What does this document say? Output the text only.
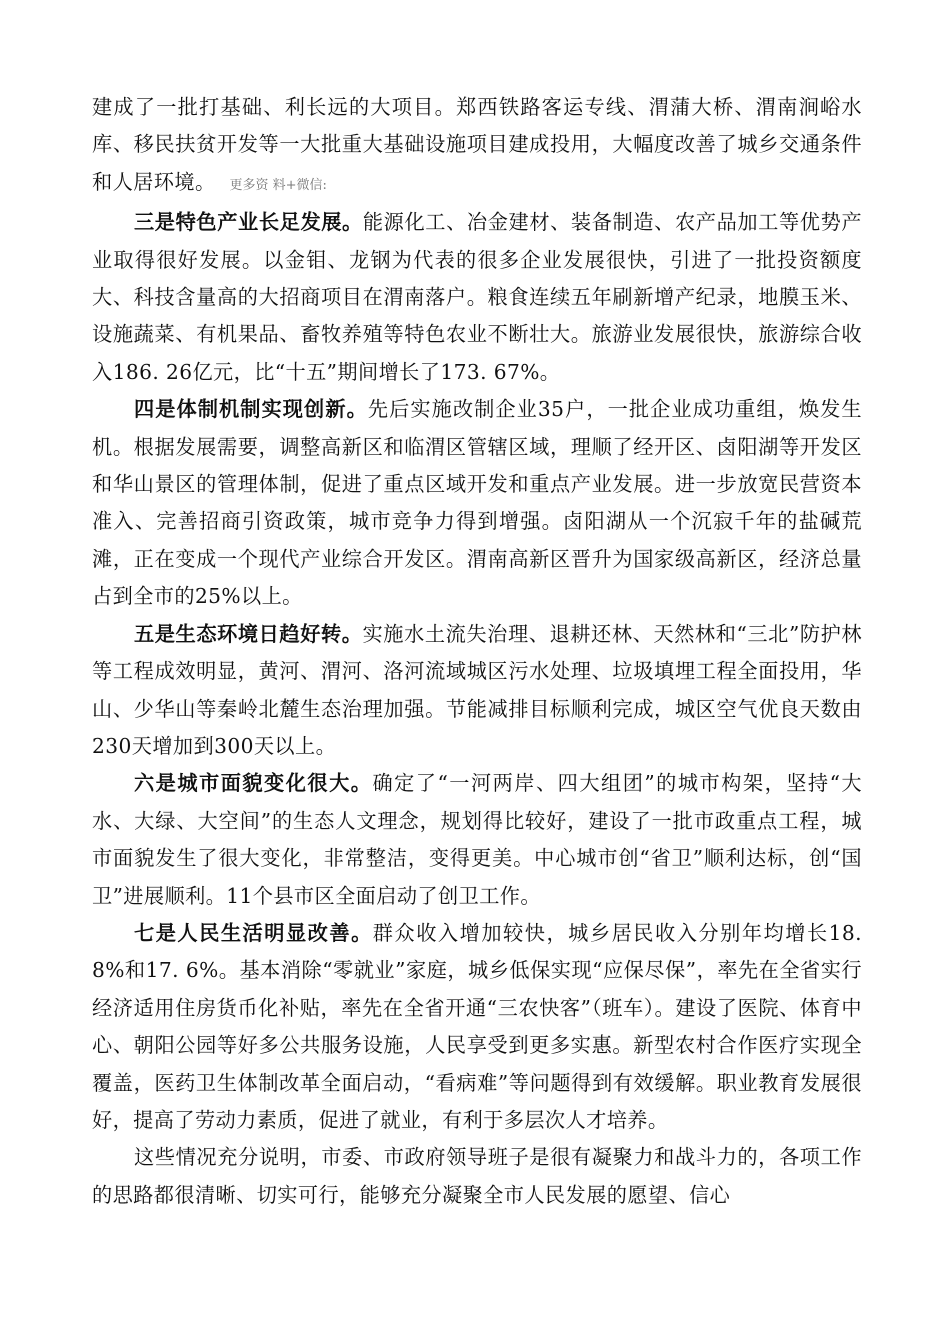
建成了一批打基础、利长远的大项目。郑西铁路客运专线、渭蒲大桥、渭南涧峪水库、移民扶贫开发等一大批重大基础设施项目建成投用，大幅度改善了城乡交通条件和人居环境。 更多资 料+微信:

三是特色产业长足发展。能源化工、冶金建材、装备制造、农产品加工等优势产业取得很好发展。以金钼、龙钢为代表的很多企业发展很快，引进了一批投资额度大、科技含量高的大招商项目在渭南落户。粮食连续五年刷新增产纪录，地膜玉米、设施蔬菜、有机果品、畜牧养殖等特色农业不断壮大。旅游业发展很快，旅游综合收入186. 26亿元，比“十五”期间增长了173. 67%。

四是体制机制实现创新。先后实施改制企业35户，一批企业成功重组，焕发生机。根据发展需要，调整高新区和临渭区管辖区域，理顺了经开区、卤阳湖等开发区和华山景区的管理体制，促进了重点区域开发和重点产业发展。进一步放宽民营资本准入、完善招商引资政策，城市竞争力得到增强。卤阳湖从一个沉寂千年的盐碱荒滩，正在变成一个现代产业综合开发区。渭南高新区晋升为国家级高新区，经济总量占到全市的25%以上。

五是生态环境日趋好转。实施水土流失治理、退耕还林、天然林和“三北”防护林等工程成效明显，黄河、渭河、洛河流域城区污水处理、垃圾填埋工程全面投用，华山、少华山等秦岭北麓生态治理加强。节能减排目标顺利完成，城区空气优良天数由230天增加到300天以上。

六是城市面貌变化很大。确定了“一河两岸、四大组团”的城市构架，坚持“大水、大绿、大空间”的生态人文理念，规划得比较好，建设了一批市政重点工程，城市面貌发生了很大变化，非常整洁，变得更美。中心城市创“省卫”顺利达标，创“国卫”进展顺利。11个县市区全面启动了创卫工作。

七是人民生活明显改善。群众收入增加较快，城乡居民收入分别年均增长18. 8%和17. 6%。基本消除“零就业”家庭，城乡低保实现“应保尽保”，率先在全省实行经济适用住房货币化补贴，率先在全省开通“三农快客”（班车）。建设了医院、体育中心、朝阳公园等好多公共服务设施，人民享受到更多实惠。新型农村合作医疗实现全覆盖，医药卫生体制改革全面启动，“看病难”等问题得到有效缓解。职业教育发展很好，提高了劳动力素质，促进了就业，有利于多层次人才培养。

这些情况充分说明，市委、市政府领导班子是很有凝聚力和战斗力的，各项工作的思路都很清晰、切实可行，能够充分凝聚全市人民发展的愿望、信心
